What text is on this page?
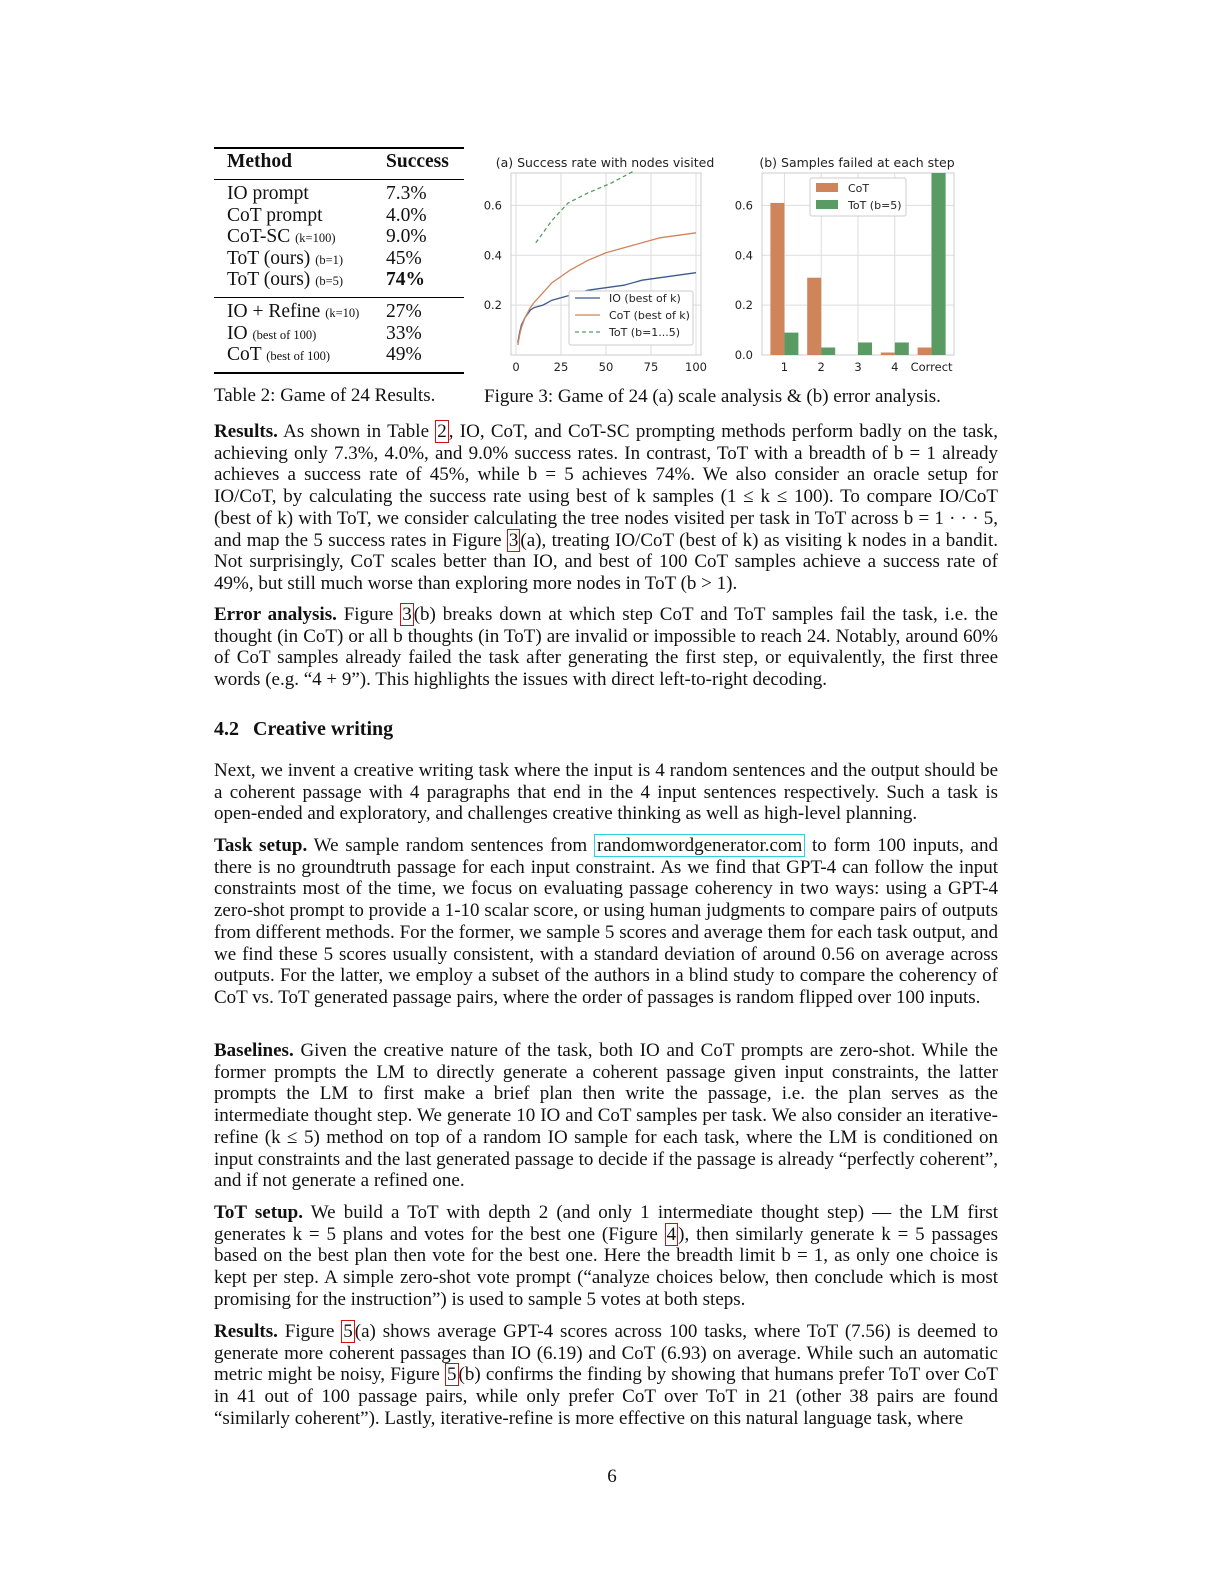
Method	Success
IO prompt	7.3%
CoT prompt	4.0%
CoT-SC (k=100)	9.0%
ToT (ours) (b=1) 45%
ToT (ours) (b=5) 74%
IO + Refine (k=10) 27%
IO (best of 100)	33%
CoT (best of 100)	49%
Table 2: Game of 24 Results.
(a) Success rate with nodes visited
0	25	50	75 100
0.2
0.4
0.6
IO (best of k)
CoT (best of k)
ToT (b=1...5)
(b) Samples failed at each step
0.0
0.2
0.4
0.6
1	2	3	4 Correct
CoT
ToT (b=5)
Figure 3: Game of 24 (a) scale analysis & (b) error analysis.
Results. As shown in Table 2 , IO, CoT, and CoT-SC prompting methods perform badly on the task, achieving only 7.3%, 4.0%, and 9.0% success rates. In contrast, ToT with a breadth of b = 1 already achieves a success rate of 45%, while b = 5 achieves 74%. We also consider an oracle setup for IO/CoT, by calculating the success rate using best of k samples (1 ≤ k ≤ 100). To compare IO/CoT (best of k) with ToT, we consider calculating the tree nodes visited per task in ToT across b = 1 · · · 5, and map the 5 success rates in Figure 3 (a), treating IO/CoT (best of k) as visiting k nodes in a bandit. Not surprisingly, CoT scales better than IO, and best of 100 CoT samples achieve a success rate of 49%, but still much worse than exploring more nodes in ToT (b > 1).
Error analysis. Figure 3 (b) breaks down at which step CoT and ToT samples fail the task, i.e. the thought (in CoT) or all b thoughts (in ToT) are invalid or impossible to reach 24. Notably, around 60% of CoT samples already failed the task after generating the first step, or equivalently, the first three words (e.g. “4 + 9”). This highlights the issues with direct left-to-right decoding.
4.2 Creative writing
Next, we invent a creative writing task where the input is 4 random sentences and the output should be a coherent passage with 4 paragraphs that end in the 4 input sentences respectively. Such a task is open-ended and exploratory, and challenges creative thinking as well as high-level planning.
Task setup. We sample random sentences from randomwordgenerator.com to form 100 inputs, and there is no groundtruth passage for each input constraint. As we find that GPT-4 can follow the input constraints most of the time, we focus on evaluating passage coherency in two ways: using a GPT-4 zero-shot prompt to provide a 1-10 scalar score, or using human judgments to compare pairs of outputs from different methods. For the former, we sample 5 scores and average them for each task output, and we find these 5 scores usually consistent, with a standard deviation of around 0.56 on average across outputs. For the latter, we employ a subset of the authors in a blind study to compare the coherency of CoT vs. ToT generated passage pairs, where the order of passages is random flipped over 100 inputs.
Baselines. Given the creative nature of the task, both IO and CoT prompts are zero-shot. While the former prompts the LM to directly generate a coherent passage given input constraints, the latter prompts the LM to first make a brief plan then write the passage, i.e. the plan serves as the intermediate thought step. We generate 10 IO and CoT samples per task. We also consider an iterative-refine (k ≤ 5) method on top of a random IO sample for each task, where the LM is conditioned on input constraints and the last generated passage to decide if the passage is already “perfectly coherent”, and if not generate a refined one.
ToT setup. We build a ToT with depth 2 (and only 1 intermediate thought step) — the LM first generates k = 5 plans and votes for the best one (Figure 4 ), then similarly generate k = 5 passages based on the best plan then vote for the best one. Here the breadth limit b = 1, as only one choice is kept per step. A simple zero-shot vote prompt (“analyze choices below, then conclude which is most promising for the instruction”) is used to sample 5 votes at both steps.
Results. Figure 5 (a) shows average GPT-4 scores across 100 tasks, where ToT (7.56) is deemed to generate more coherent passages than IO (6.19) and CoT (6.93) on average. While such an automatic metric might be noisy, Figure 5 (b) confirms the finding by showing that humans prefer ToT over CoT in 41 out of 100 passage pairs, while only prefer CoT over ToT in 21 (other 38 pairs are found “similarly coherent”). Lastly, iterative-refine is more effective on this natural language task, where
6
